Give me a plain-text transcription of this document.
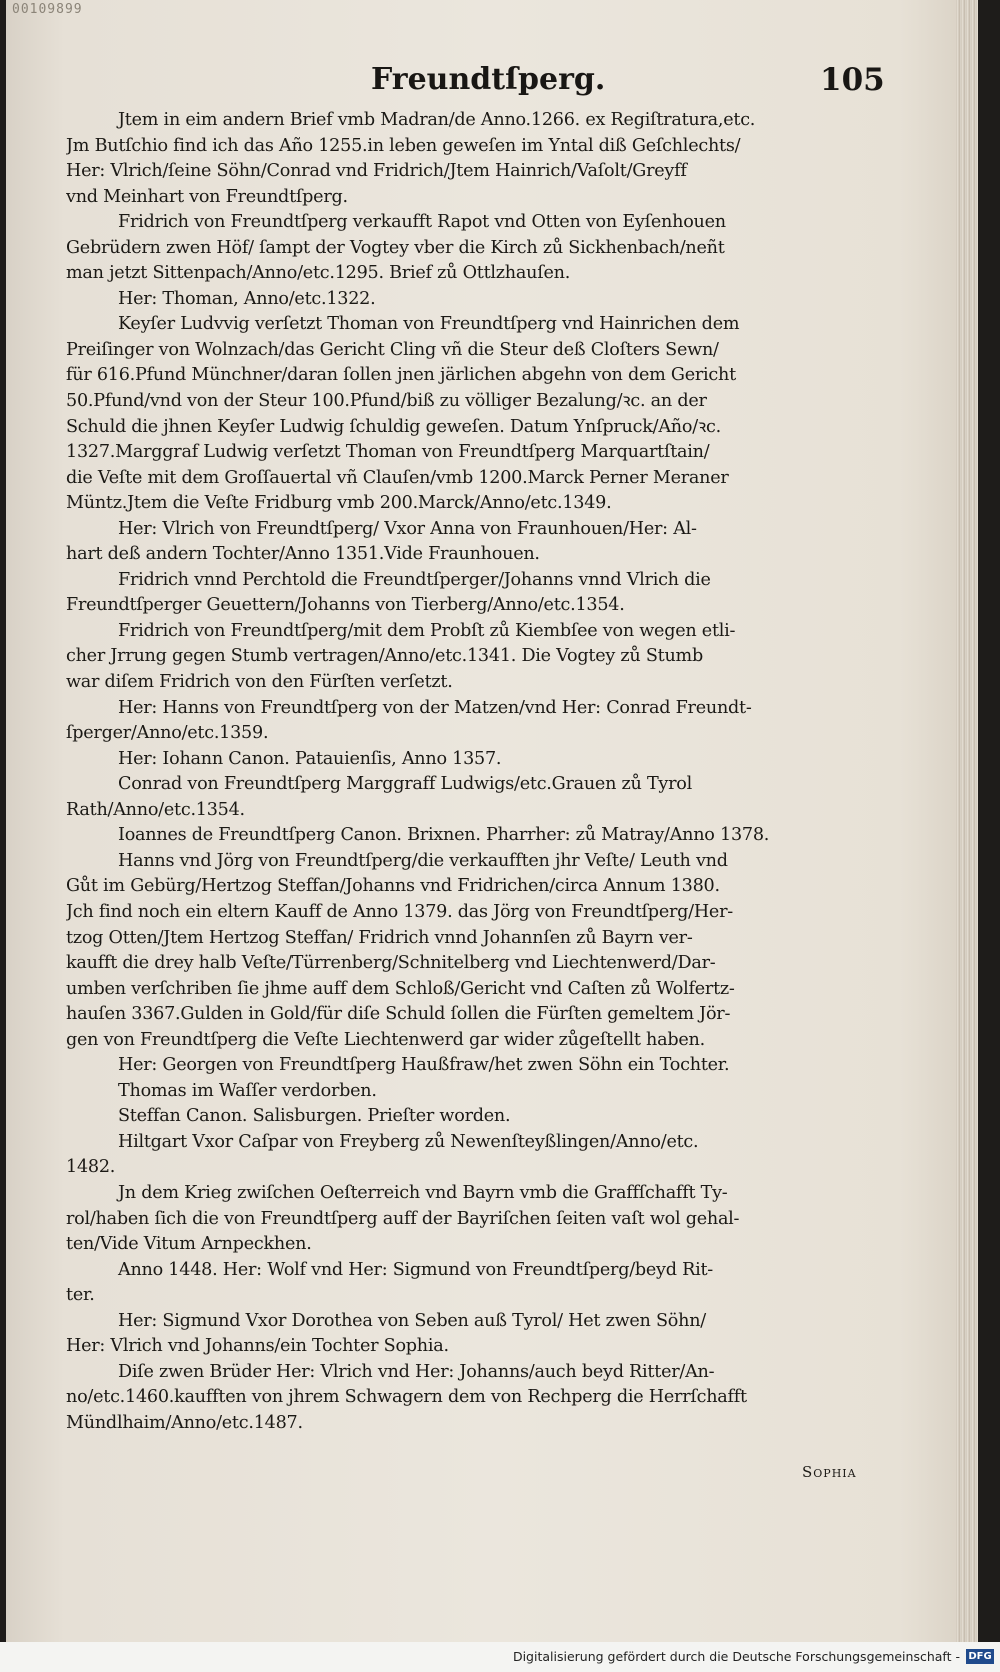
00109899
Freundtſperg.	105
Jtem in eim andern Brief vmb Madran/de Anno.1266. ex Regiſtratura,etc.
Jm Butſchio find ich das Año 1255.in leben geweſen im Yntal diß Geſchlechts/
Her: Vlrich/ſeine Söhn/Conrad vnd Fridrich/Jtem Hainrich/Vaſolt/Greyff
vnd Meinhart von Freundtſperg.
Fridrich von Freundtſperg verkaufft Rapot vnd Otten von Eyſenhouen
Gebrüdern zwen Höf/ ſampt der Vogtey vber die Kirch zů Sickhenbach/neñt
man jetzt Sittenpach/Anno/etc.1295. Brief zů Ottlzhauſen.
Her: Thoman, Anno/etc.1322.
Keyſer Ludvvig verſetzt Thoman von Freundtſperg vnd Hainrichen dem
Preiſinger von Wolnzach/das Gericht Cling vñ die Steur deß Cloſters Sewn/
für 616.Pfund Münchner/daran ſollen jnen järlichen abgehn von dem Gericht
50.Pfund/vnd von der Steur 100.Pfund/biß zu völliger Bezalung/ꝛc. an der
Schuld die jhnen Keyſer Ludwig ſchuldig geweſen. Datum Ynſpruck/Año/ꝛc.
1327.Marggraf Ludwig verſetzt Thoman von Freundtſperg Marquartſtain/
die Veſte mit dem Groſſauertal vñ Clauſen/vmb 1200.Marck Perner Meraner
Müntz.Jtem die Veſte Fridburg vmb 200.Marck/Anno/etc.1349.
Her: Vlrich von Freundtſperg/ Vxor Anna von Fraunhouen/Her: Al-
hart deß andern Tochter/Anno 1351.Vide Fraunhouen.
Fridrich vnnd Perchtold die Freundtſperger/Johanns vnnd Vlrich die
Freundtſperger Geuettern/Johanns von Tierberg/Anno/etc.1354.
Fridrich von Freundtſperg/mit dem Probſt zů Kiembſee von wegen etli-
cher Jrrung gegen Stumb vertragen/Anno/etc.1341. Die Vogtey zů Stumb
war diſem Fridrich von den Fürſten verſetzt.
Her: Hanns von Freundtſperg von der Matzen/vnd Her: Conrad Freundt-
ſperger/Anno/etc.1359.
Her: Iohann Canon. Patauienſis, Anno 1357.
Conrad von Freundtſperg Marggraff Ludwigs/etc.Grauen zů Tyrol
Rath/Anno/etc.1354.
Ioannes de Freundtſperg Canon. Brixnen. Pharrher: zů Matray/Anno 1378.
Hanns vnd Jörg von Freundtſperg/die verkaufften jhr Veſte/ Leuth vnd
Gůt im Gebürg/Hertzog Steffan/Johanns vnd Fridrichen/circa Annum 1380.
Jch find noch ein eltern Kauff de Anno 1379. das Jörg von Freundtſperg/Her-
tzog Otten/Jtem Hertzog Steffan/ Fridrich vnnd Johannſen zů Bayrn ver-
kaufft die drey halb Veſte/Türrenberg/Schnitelberg vnd Liechtenwerd/Dar-
umben verſchriben ſie jhme auff dem Schloß/Gericht vnd Caſten zů Wolfertz-
hauſen 3367.Gulden in Gold/für diſe Schuld ſollen die Fürſten gemeltem Jör-
gen von Freundtſperg die Veſte Liechtenwerd gar wider zůgeſtellt haben.
Her: Georgen von Freundtſperg Haußfraw/het zwen Söhn ein Tochter.
Thomas im Waſſer verdorben.
Steffan Canon. Salisburgen. Prieſter worden.
Hiltgart Vxor Caſpar von Freyberg zů Newenſteyßlingen/Anno/etc.
1482.
Jn dem Krieg zwiſchen Oeſterreich vnd Bayrn vmb die Graffſchafft Ty-
rol/haben ſich die von Freundtſperg auff der Bayriſchen ſeiten vaſt wol gehal-
ten/Vide Vitum Arnpeckhen.
Anno 1448. Her: Wolf vnd Her: Sigmund von Freundtſperg/beyd Rit-
ter.
Her: Sigmund Vxor Dorothea von Seben auß Tyrol/ Het zwen Söhn/
Her: Vlrich vnd Johanns/ein Tochter Sophia.
Diſe zwen Brüder Her: Vlrich vnd Her: Johanns/auch beyd Ritter/An-
no/etc.1460.kaufften von jhrem Schwagern dem von Rechperg die Herrſchafft
Mündlhaim/Anno/etc.1487.
Sophia
Digitalisierung gefördert durch die Deutsche Forschungsgemeinschaft - DFG
